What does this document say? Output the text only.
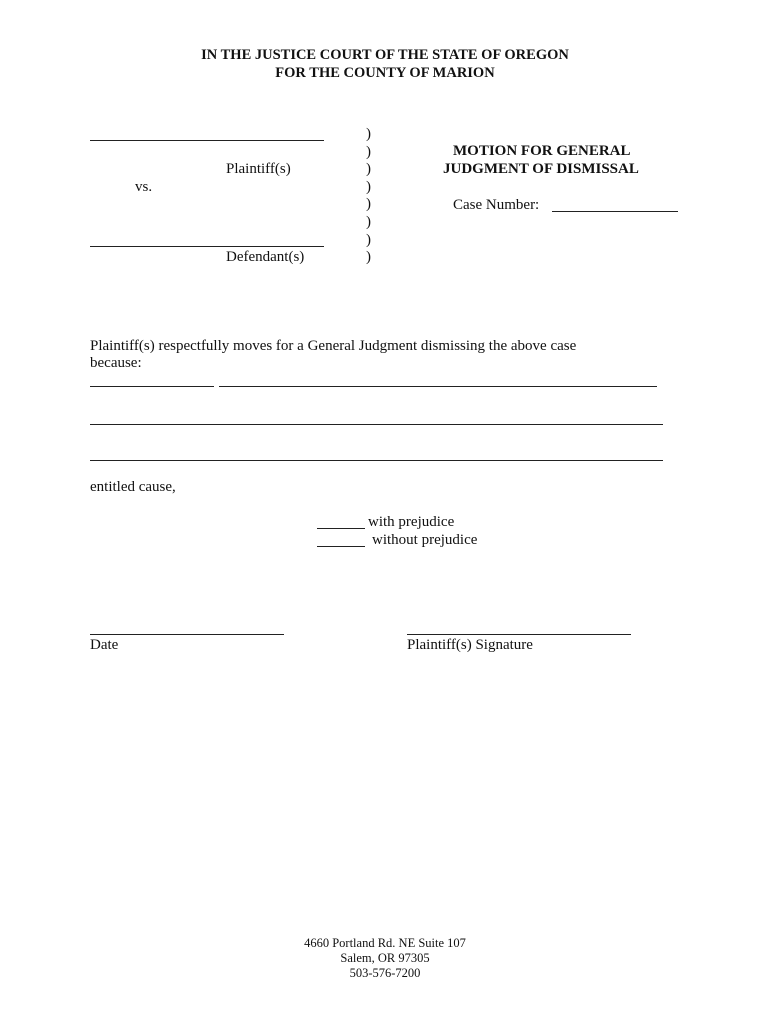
IN THE JUSTICE COURT OF THE STATE OF OREGON
FOR THE COUNTY OF MARION
Plaintiff(s)
vs.
Defendant(s)
)
)
)
)
)
)
)
)
MOTION FOR GENERAL
JUDGMENT OF DISMISSAL
Case Number:
Plaintiff(s) respectfully moves for a General Judgment dismissing the above case
because:
entitled cause,
with prejudice
without prejudice
Date	Plaintiff(s) Signature
4660 Portland Rd. NE Suite 107
Salem, OR 97305
503-576-7200
